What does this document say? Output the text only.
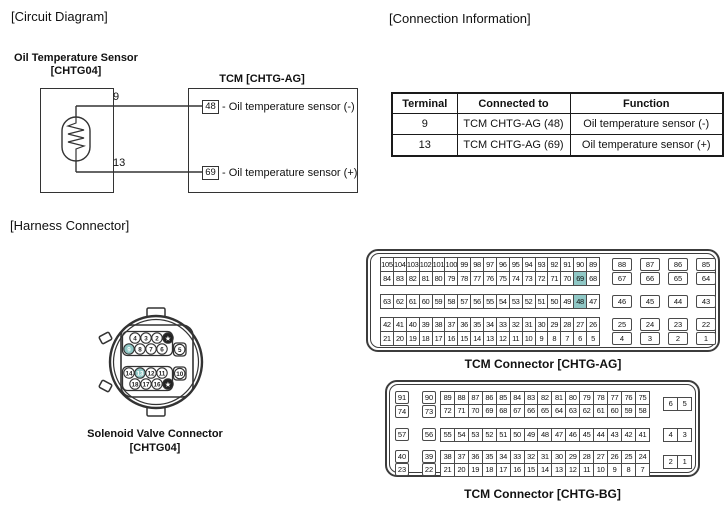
[Circuit Diagram]	[Connection Information]
[Harness Connector]
Oil Temperature Sensor
[CHTG04]
TCM [CHTG-AG]
9
13
48 - Oil temperature sensor (-)
69 - Oil temperature sensor (+)
Terminal	Connected to	Function
9	TCM CHTG-AG (48)	Oil temperature sensor (-)
13	TCM CHTG-AG (69)	Oil temperature sensor (+)
4 3 2 ★
9 8 7 6 5
14 13 12 11 10
18 17 16 ★
Solenoid Valve Connector
[CHTG04]
105	104	103	102	101	100	99	98	97	96	95	94	93	92	91	90	89
84	83	82	81	80	79	78	77	76	75	74	73	72	71	70	69	68
88	87	86	85
67	66	65	64
63	62	61	60	59	58	57	56	55	54	53	52	51	50	49	48	47	46	45	44	43
42	41	40	39	38	37	36	35	34	33	32	31	30	29	28	27	26
21	20	19	18	17	16	15	14	13	12	11	10	9	8	7	6	5
25	24	23	22
4	3	2	1
TCM Connector [CHTG-AG]
89	88	87	86	85	84	83	82	81	80	79	78	77	76	75
72	71	70	69	68	67	66	65	64	63	62	61	60	59	58
91	90
74	73
6	5
55	54	53	52	51	50	49	48	47	46	45	44	43	42	41
57	56	4	3
38	37	36	35	34	33	32	31	30	29	28	27	26	25	24
21	20	19	18	17	16	15	14	13	12	11	10	9	8	7
40	39
23	22
2	1
TCM Connector [CHTG-BG]
